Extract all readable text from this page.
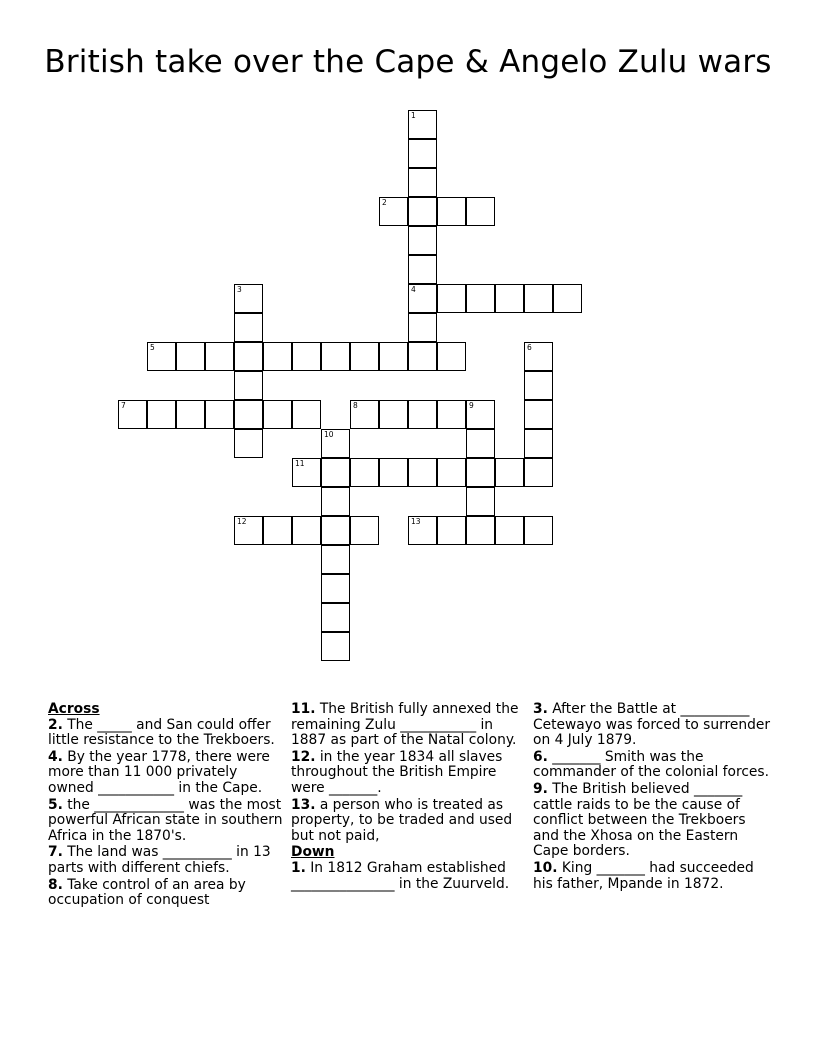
British take over the Cape & Angelo Zulu wars
1
2
3	4
5	6
7	8	9
10
11
12	13
Across
2. The _____ and San could offer little resistance to the Trekboers.
4. By the year 1778, there were more than 11 000 privately owned ___________ in the Cape.
5. the _____________ was the most powerful African state in southern Africa in the 1870's.
7. The land was __________ in 13 parts with different chiefs.
8. Take control of an area by occupation of conquest
11. The British fully annexed the remaining Zulu ___________ in 1887 as part of the Natal colony.
12. in the year 1834 all slaves throughout the British Empire were _______.
13. a person who is treated as property, to be traded and used but not paid,
Down
1. In 1812 Graham established _______________ in the Zuurveld.
3. After the Battle at __________ Cetewayo was forced to surrender on 4 July 1879.
6. _______ Smith was the commander of the colonial forces.
9. The British believed _______ cattle raids to be the cause of conflict between the Trekboers and the Xhosa on the Eastern Cape borders.
10. King _______ had succeeded his father, Mpande in 1872.
